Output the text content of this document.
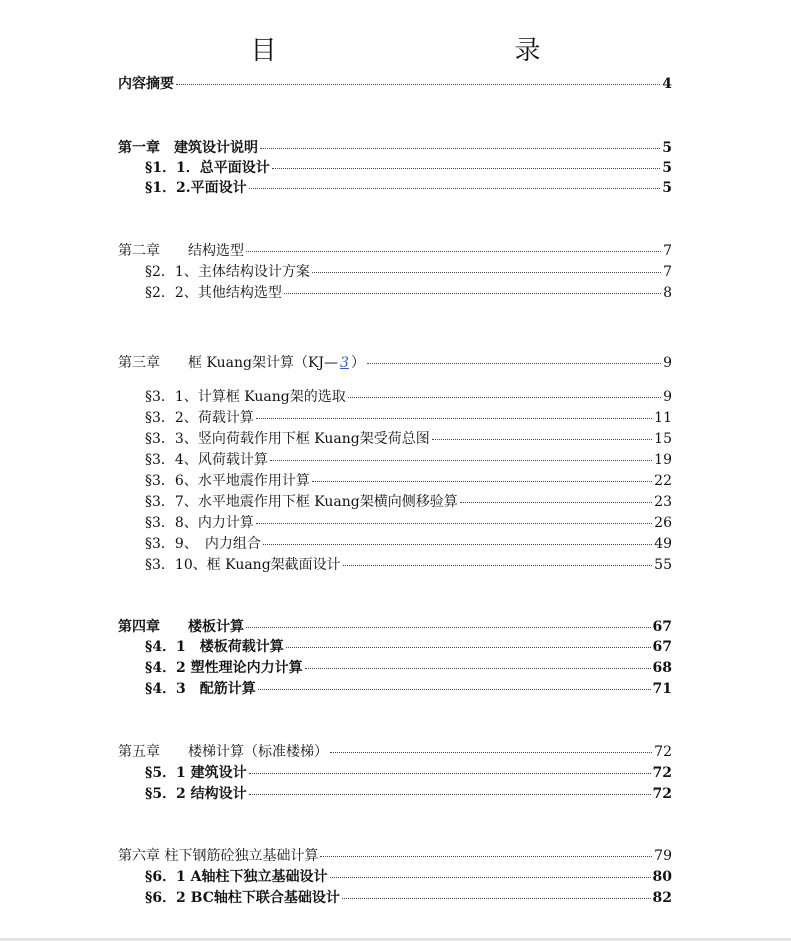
目　　录
内容摘要	4
第一章　建筑设计说明	5
§1．1．总平面设计	5
§1．2.平面设计	5
第二章　　结构选型	7
§2．1、主体结构设计方案	7
§2．2、其他结构选型	8
第三章　　框 Kuang架计算（KJ— 3 ）	9
§3．1、计算框 Kuang架的选取	9
§3．2、荷载计算	11
§3．3、竖向荷载作用下框 Kuang架受荷总图	15
§3．4、风荷载计算	19
§3．6、水平地震作用计算	22
§3．7、水平地震作用下框 Kuang架横向侧移验算	23
§3．8、内力计算	26
§3．9、　内力组合	49
§3．10、框 Kuang架截面设计	55
第四章　　楼板计算	67
§4．1　楼板荷载计算	67
§4．2 塑性理论内力计算	68
§4．3　配筋计算	71
第五章　　楼梯计算（标准楼梯）	72
§5．1 建筑设计	72
§5．2 结构设计	72
第六章 柱下钢筋砼独立基础计算	79
§6．1 A轴柱下独立基础设计	80
§6．2 BC轴柱下联合基础设计	82
